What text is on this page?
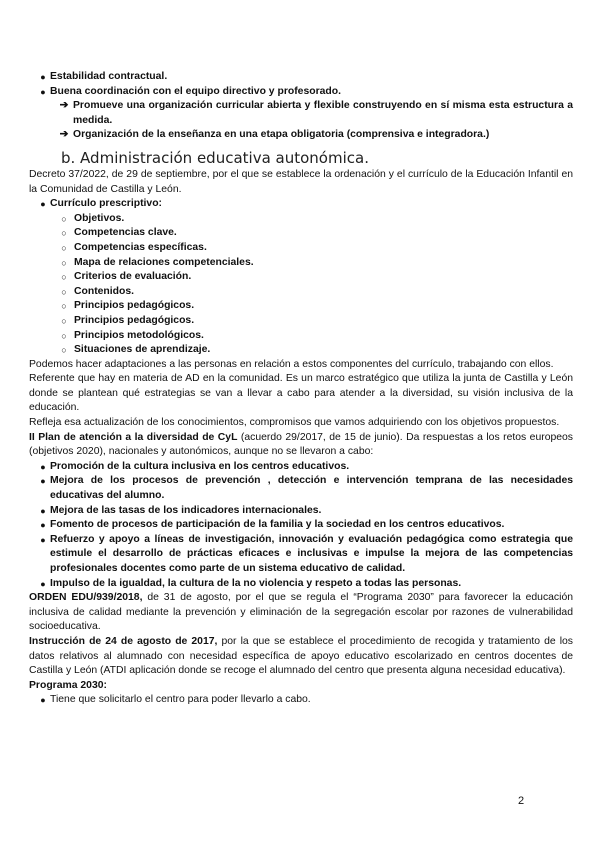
● Estabilidad contractual.
● Buena coordinación con el equipo directivo y profesorado.
➔ Promueve una organización curricular abierta y flexible construyendo en sí misma esta estructura a medida.
➔ Organización de la enseñanza en una etapa obligatoria (comprensiva e integradora.)
b. Administración educativa autonómica.
Decreto 37/2022, de 29 de septiembre, por el que se establece la ordenación y el currículo de la Educación Infantil en la Comunidad de Castilla y León.
● Currículo prescriptivo:
○ Objetivos.
○ Competencias clave.
○ Competencias específicas.
○ Mapa de relaciones competenciales.
○ Criterios de evaluación.
○ Contenidos.
○ Principios pedagógicos.
○ Principios pedagógicos.
○ Principios metodológicos.
○ Situaciones de aprendizaje.
Podemos hacer adaptaciones a las personas en relación a estos componentes del currículo, trabajando con ellos.
Referente que hay en materia de AD en la comunidad. Es un marco estratégico que utiliza la junta de Castilla y León donde se plantean qué estrategias se van a llevar a cabo para atender a la diversidad, su visión inclusiva de la educación.
Refleja esa actualización de los conocimientos, compromisos que vamos adquiriendo con los objetivos propuestos.
II Plan de atención a la diversidad de CyL (acuerdo 29/2017, de 15 de junio). Da respuestas a los retos europeos (objetivos 2020), nacionales y autonómicos, aunque no se llevaron a cabo:
● Promoción de la cultura inclusiva en los centros educativos.
● Mejora de los procesos de prevención , detección e intervención temprana de las necesidades educativas del alumno.
● Mejora de las tasas de los indicadores internacionales.
● Fomento de procesos de participación de la familia y la sociedad en los centros educativos.
● Refuerzo y apoyo a líneas de investigación, innovación y evaluación pedagógica como estrategia que estimule el desarrollo de prácticas eficaces e inclusivas e impulse la mejora de las competencias profesionales docentes como parte de un sistema educativo de calidad.
● Impulso de la igualdad, la cultura de la no violencia y respeto a todas las personas.
ORDEN EDU/939/2018, de 31 de agosto, por el que se regula el “Programa 2030” para favorecer la educación inclusiva de calidad mediante la prevención y eliminación de la segregación escolar por razones de vulnerabilidad socioeducativa.
Instrucción de 24 de agosto de 2017, por la que se establece el procedimiento de recogida y tratamiento de los datos relativos al alumnado con necesidad específica de apoyo educativo escolarizado en centros docentes de Castilla y León (ATDI aplicación donde se recoge el alumnado del centro que presenta alguna necesidad educativa).
Programa 2030:
● Tiene que solicitarlo el centro para poder llevarlo a cabo.
2
